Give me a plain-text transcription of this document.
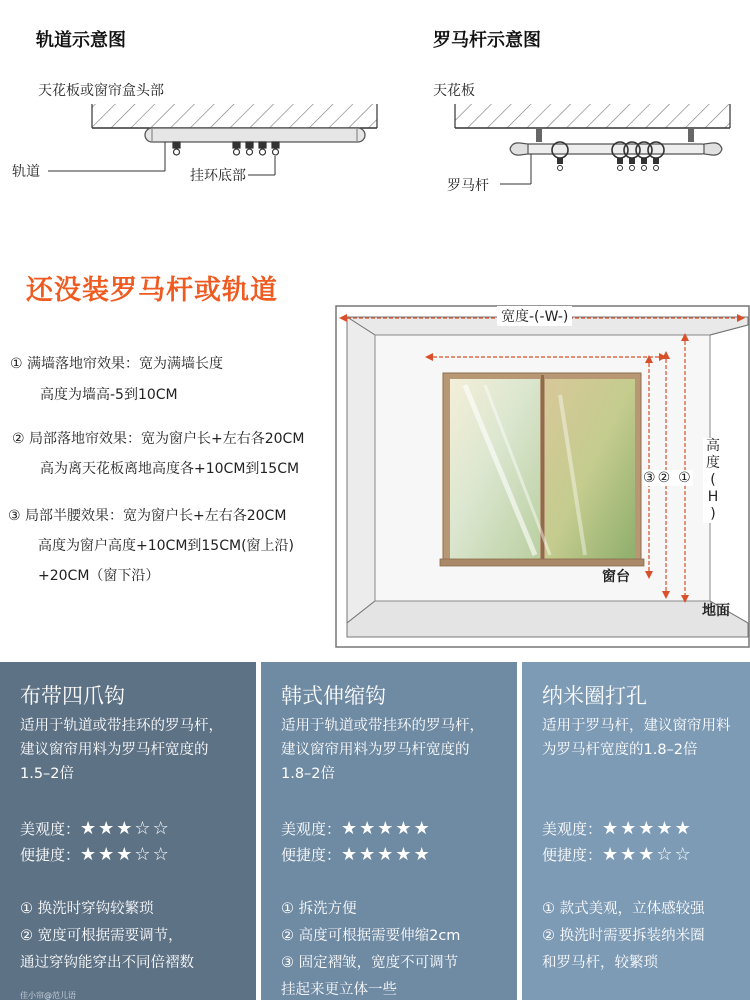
轨道示意图	罗马杆示意图
天花板或窗帘盒头部	天花板
轨道	挂环底部
罗马杆
还没装罗马杆或轨道
① 满墙落地帘效果：宽为满墙长度
高度为墙高-5到10CM
② 局部落地帘效果：宽为窗户长+左右各20CM
高为离天花板离地高度各+10CM到15CM
③ 局部半腰效果：宽为窗户长+左右各20CM
高度为窗户高度+10CM到15CM(窗上沿)
+20CM（窗下沿）
宽度-(-W-)
③② ①
高
度
(
H
)
窗台
地面
布带四爪钩
适用于轨道或带挂环的罗马杆，
建议窗帘用料为罗马杆宽度的
1.5–2倍
美观度：★★★☆☆
便捷度：★★★☆☆
① 换洗时穿钩较繁琐
② 宽度可根据需要调节，
通过穿钩能穿出不同倍褶数
佳小帘@范儿语
韩式伸缩钩
适用于轨道或带挂环的罗马杆，
建议窗帘用料为罗马杆宽度的
1.8–2倍
美观度：★★★★★
便捷度：★★★★★
① 拆洗方便
② 高度可根据需要伸缩2cm
③ 固定褶皱，宽度不可调节
挂起来更立体一些
纳米圈打孔
适用于罗马杆，建议窗帘用料
为罗马杆宽度的1.8–2倍
美观度：★★★★★
便捷度：★★★☆☆
① 款式美观，立体感较强
② 换洗时需要拆装纳米圈
和罗马杆，较繁琐
